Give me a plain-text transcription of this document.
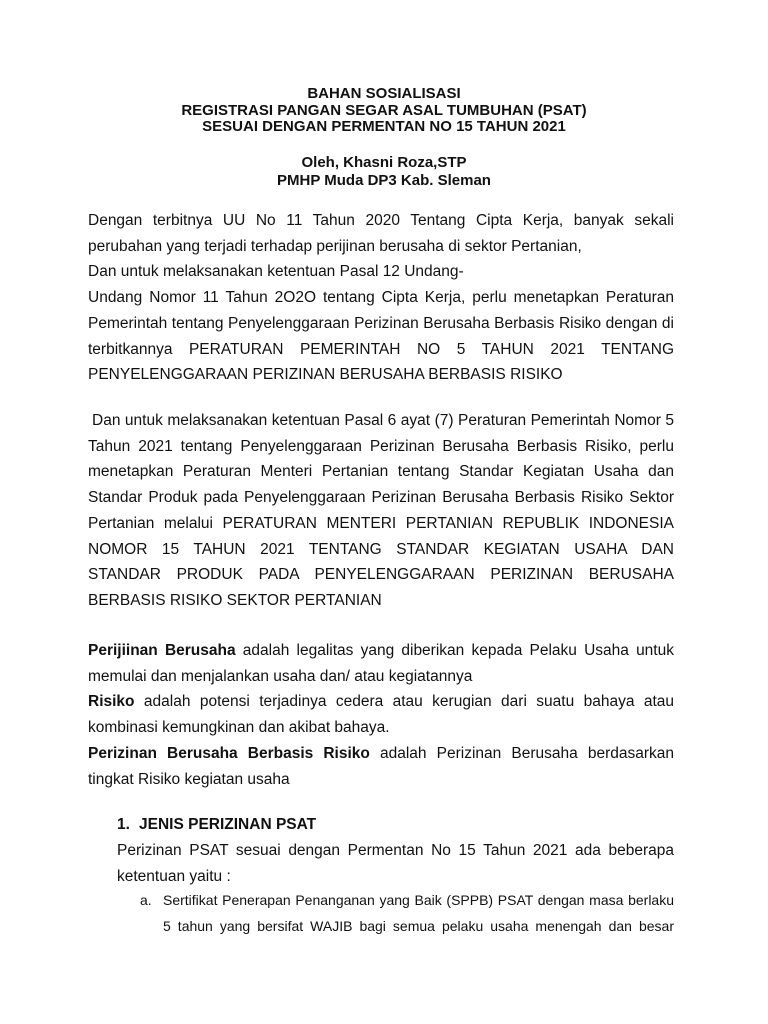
BAHAN SOSIALISASI
REGISTRASI PANGAN SEGAR ASAL TUMBUHAN (PSAT)
SESUAI DENGAN PERMENTAN NO 15 TAHUN 2021
Oleh, Khasni Roza,STP
PMHP Muda DP3 Kab. Sleman
Dengan terbitnya UU No 11 Tahun 2020 Tentang Cipta Kerja, banyak sekali
perubahan yang terjadi terhadap perijinan berusaha di sektor Pertanian,
Dan untuk melaksanakan ketentuan Pasal 12 Undang-
Undang Nomor 11 Tahun 2O2O tentang Cipta Kerja, perlu menetapkan Peraturan
Pemerintah tentang Penyelenggaraan Perizinan Berusaha Berbasis Risiko dengan di
terbitkannya PERATURAN PEMERINTAH NO 5 TAHUN 2021 TENTANG
PENYELENGGARAAN PERIZINAN BERUSAHA BERBASIS RISIKO
Dan untuk melaksanakan ketentuan Pasal 6 ayat (7) Peraturan Pemerintah Nomor 5
Tahun 2021 tentang Penyelenggaraan Perizinan Berusaha Berbasis Risiko, perlu
menetapkan Peraturan Menteri Pertanian tentang Standar Kegiatan Usaha dan
Standar Produk pada Penyelenggaraan Perizinan Berusaha Berbasis Risiko Sektor
Pertanian melalui PERATURAN MENTERI PERTANIAN REPUBLIK INDONESIA
NOMOR 15 TAHUN 2021 TENTANG STANDAR KEGIATAN USAHA DAN
STANDAR PRODUK PADA PENYELENGGARAAN PERIZINAN BERUSAHA
BERBASIS RISIKO SEKTOR PERTANIAN
Perijiinan Berusaha adalah legalitas yang diberikan kepada Pelaku Usaha untuk
memulai dan menjalankan usaha dan/ atau kegiatannya
Risiko adalah potensi terjadinya cedera atau kerugian dari suatu bahaya atau
kombinasi kemungkinan dan akibat bahaya.
Perizinan Berusaha Berbasis Risiko adalah Perizinan Berusaha berdasarkan
tingkat Risiko kegiatan usaha
1. JENIS PERIZINAN PSAT
Perizinan PSAT sesuai dengan Permentan No 15 Tahun 2021 ada beberapa
ketentuan yaitu :
a. Sertifikat Penerapan Penanganan yang Baik (SPPB) PSAT dengan masa berlaku
5 tahun yang bersifat WAJIB bagi semua pelaku usaha menengah dan besar
